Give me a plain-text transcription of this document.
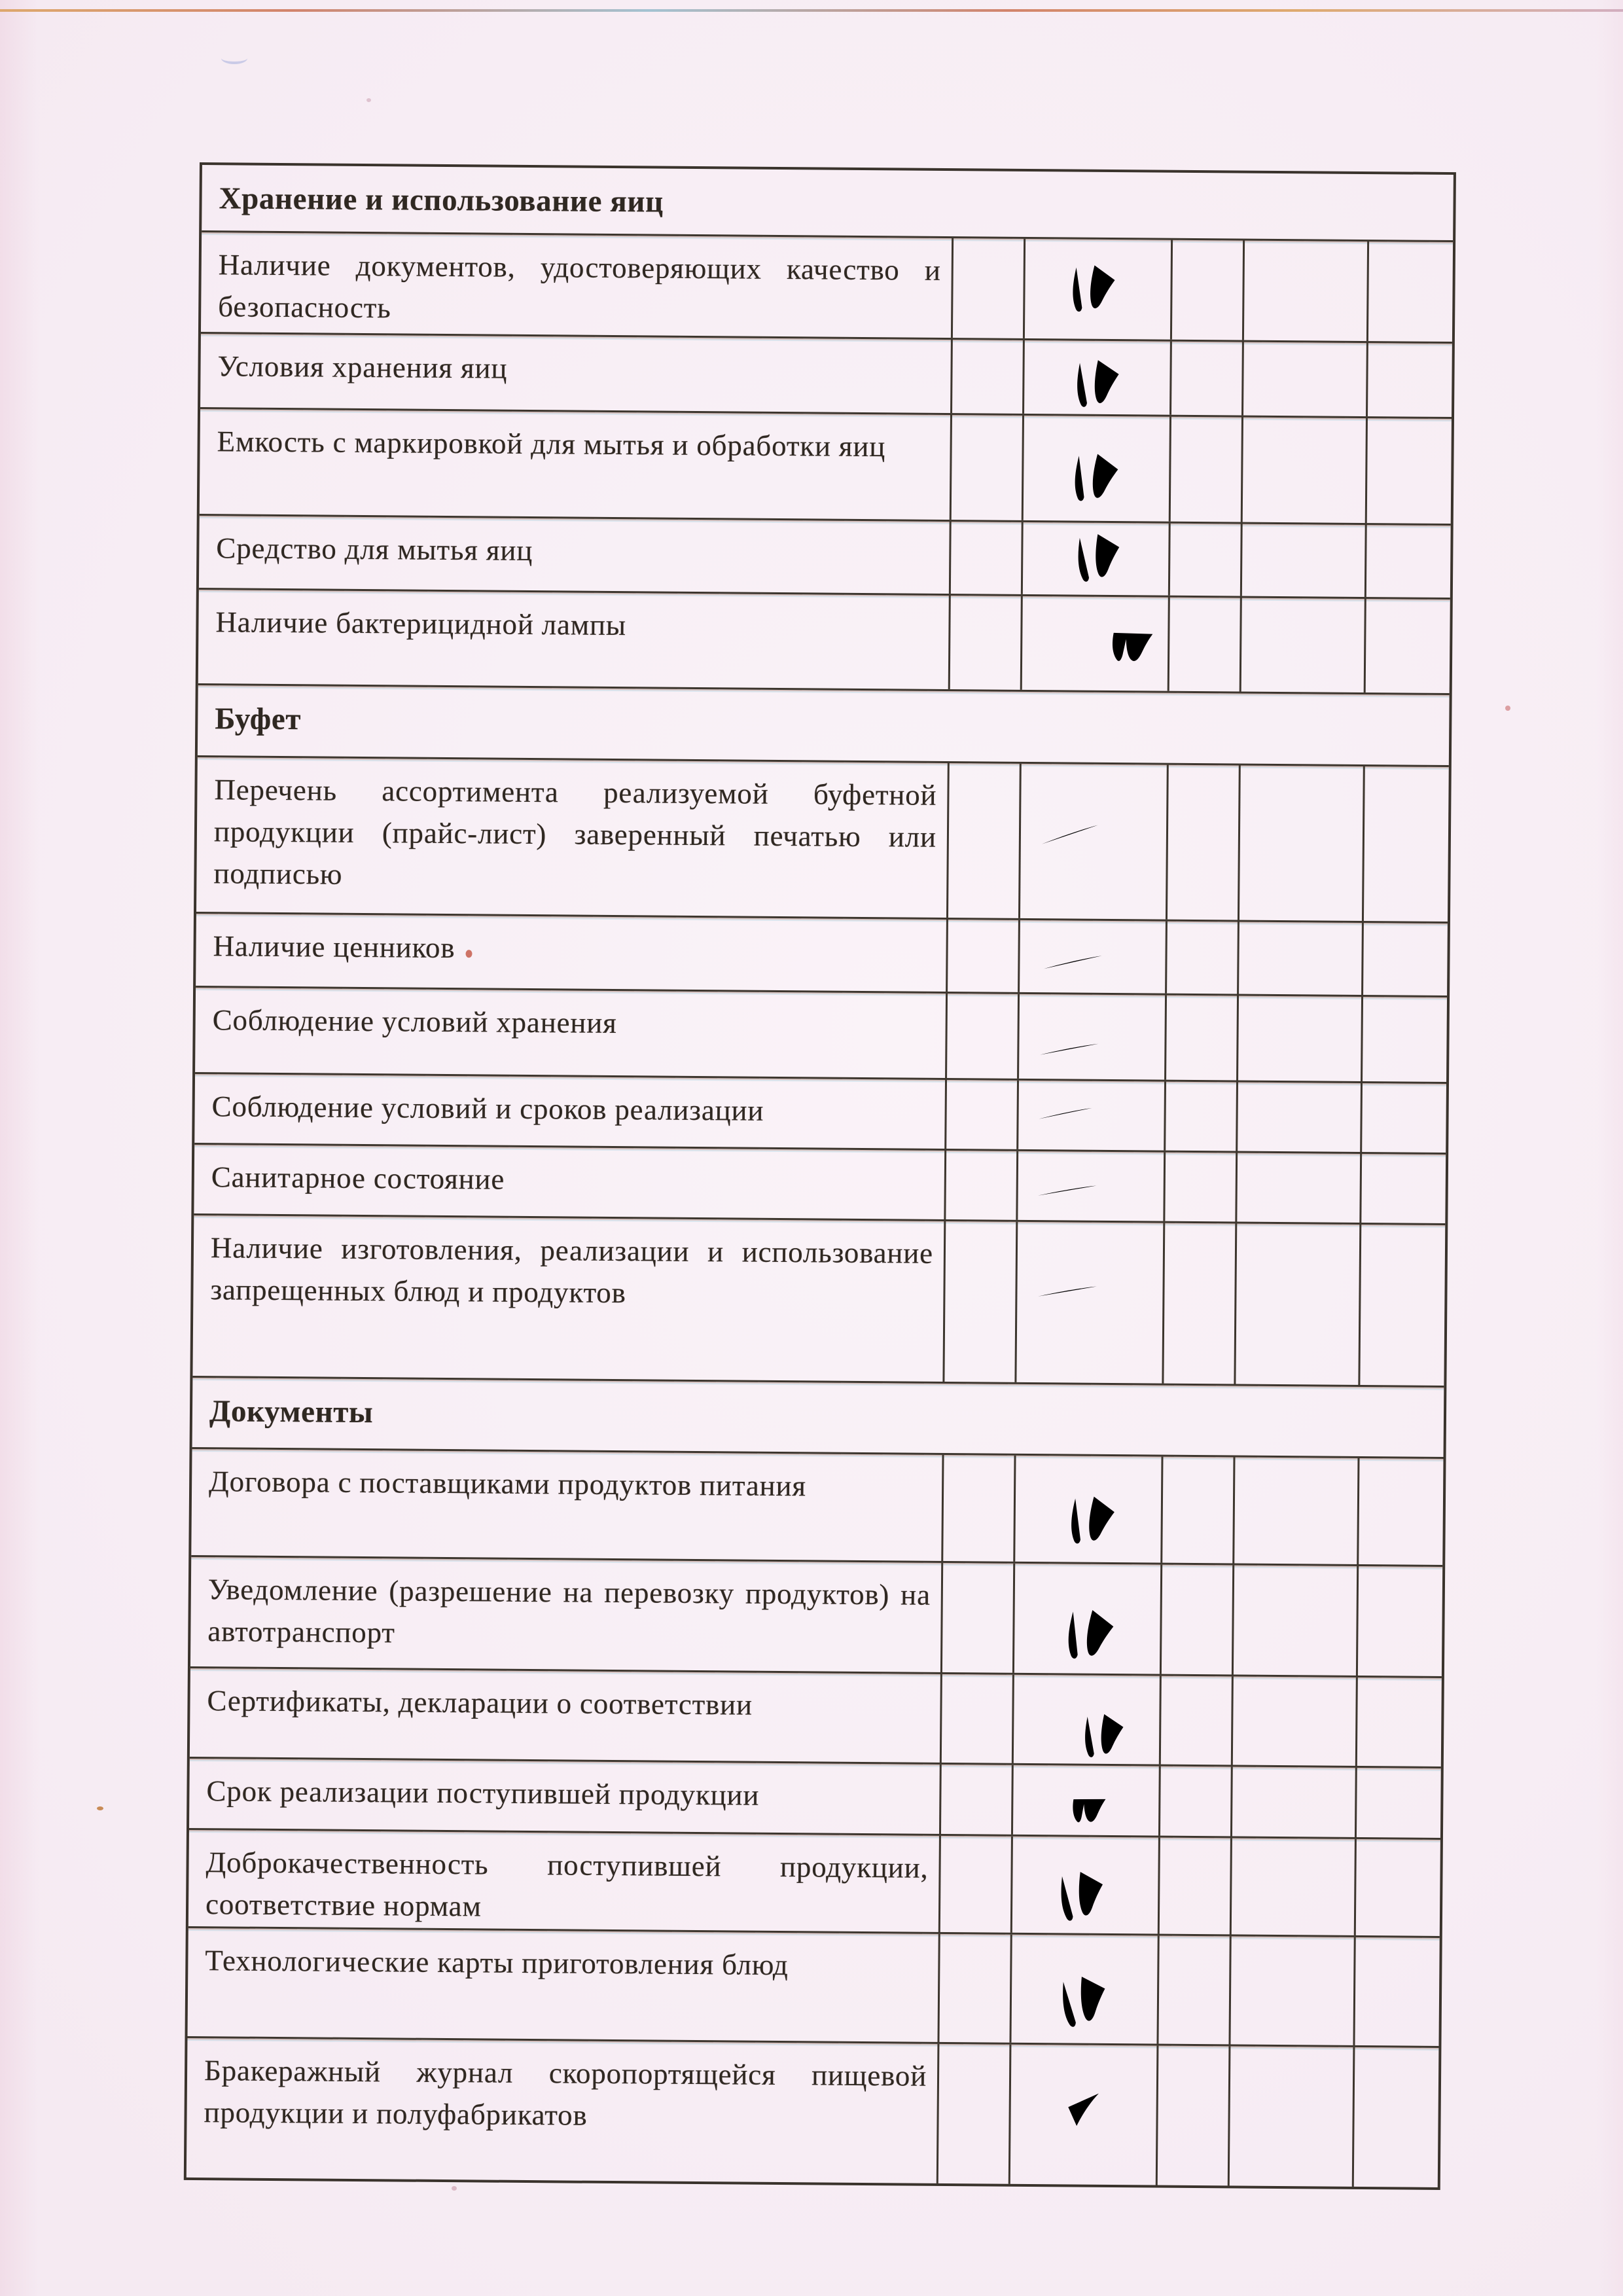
Хранение и использование яиц
Наличие документов, удостоверяющих качество и безопасность
Условия хранения яиц
Емкость с маркировкой для мытья и обработки яиц
Средство для мытья яиц
Наличие бактерицидной лампы
Буфет
Перечень ассортимента реализуемой буфетной продукции (прайс-лист) заверенный печатью или подписью
Наличие ценников
Соблюдение условий хранения
Соблюдение условий и сроков реализации
Санитарное состояние
Наличие изготовления, реализации и использование запрещенных блюд и продуктов
Документы
Договора с поставщиками продуктов питания
Уведомление (разрешение на перевозку продуктов) на автотранспорт
Сертификаты, декларации о соответствии
Срок реализации поступившей продукции
Доброкачественность поступившей продукции, соответствие нормам
Технологические карты приготовления блюд
Бракеражный журнал скоропортящейся пищевой продукции и полуфабрикатов
